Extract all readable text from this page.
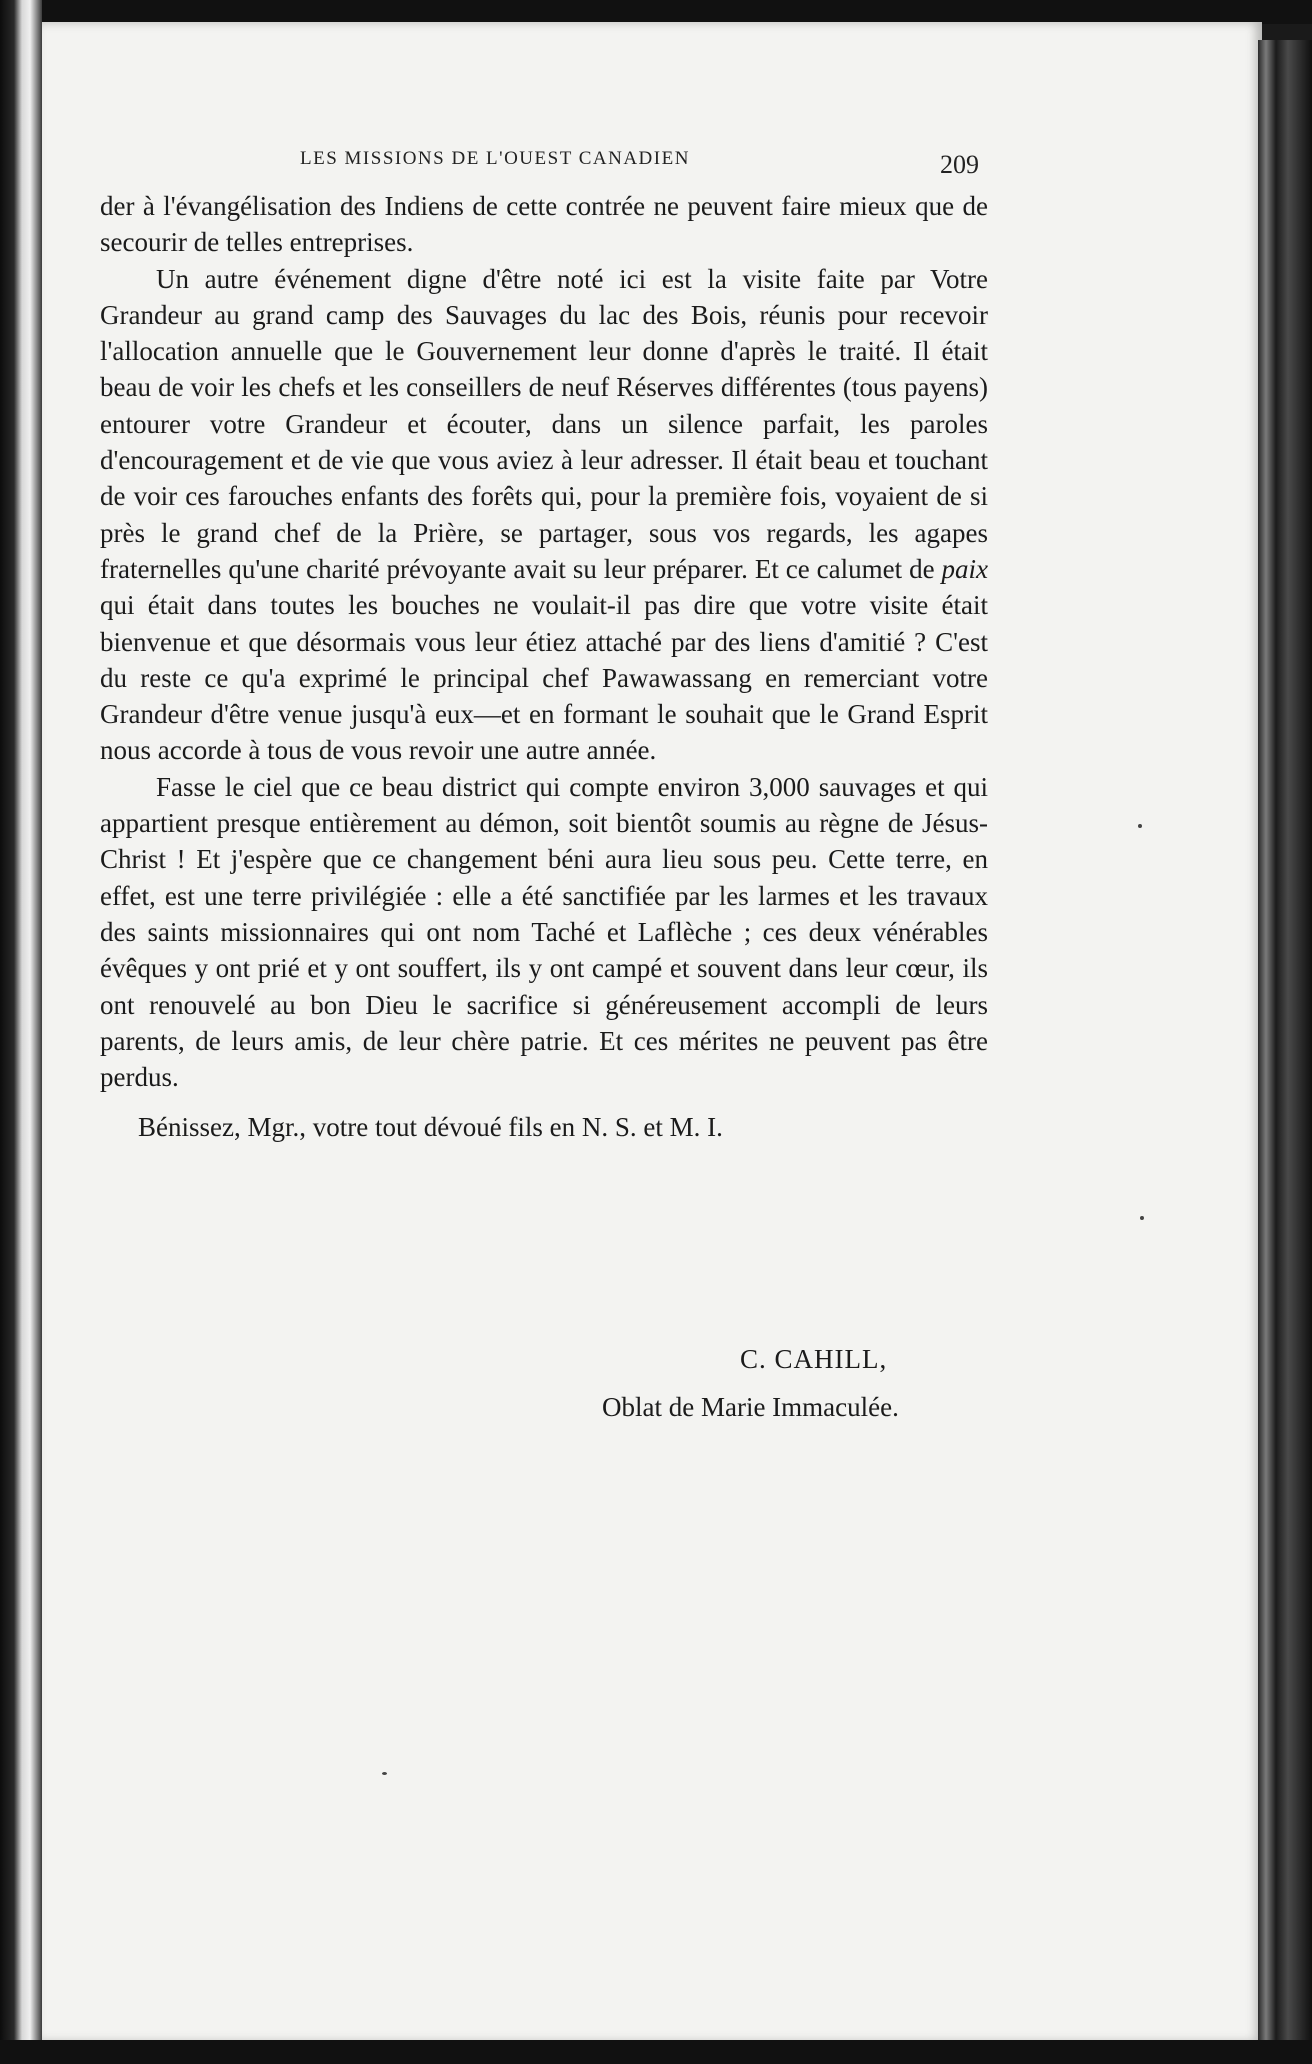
LES MISSIONS DE L'OUEST CANADIEN	209

der à l'évangélisation des Indiens de cette contrée ne peuvent faire mieux que de secourir de telles entreprises.

Un autre événement digne d'être noté ici est la visite faite par Votre Grandeur au grand camp des Sauvages du lac des Bois, réunis pour recevoir l'allocation annuelle que le Gouvernement leur donne d'après le traité. Il était beau de voir les chefs et les conseillers de neuf Réserves différentes (tous payens) entourer votre Grandeur et écouter, dans un silence parfait, les paroles d'encouragement et de vie que vous aviez à leur adresser. Il était beau et touchant de voir ces farouches enfants des forêts qui, pour la première fois, voyaient de si près le grand chef de la Prière, se partager, sous vos regards, les agapes fraternelles qu'une charité prévoyante avait su leur préparer. Et ce calumet de paix qui était dans toutes les bouches ne voulait-il pas dire que votre visite était bienvenue et que désormais vous leur étiez attaché par des liens d'amitié ? C'est du reste ce qu'a exprimé le principal chef Pawawassang en remerciant votre Grandeur d'être venue jusqu'à eux—et en formant le souhait que le Grand Esprit nous accorde à tous de vous revoir une autre année.

Fasse le ciel que ce beau district qui compte environ 3,000 sauvages et qui appartient presque entièrement au démon, soit bientôt soumis au règne de Jésus-Christ ! Et j'espère que ce changement béni aura lieu sous peu. Cette terre, en effet, est une terre privilégiée : elle a été sanctifiée par les larmes et les travaux des saints missionnaires qui ont nom Taché et Laflèche ; ces deux vénérables évêques y ont prié et y ont souffert, ils y ont campé et souvent dans leur cœur, ils ont renouvelé au bon Dieu le sacrifice si généreusement accompli de leurs parents, de leurs amis, de leur chère patrie. Et ces mérites ne peuvent pas être perdus.

Bénissez, Mgr., votre tout dévoué fils en N. S. et M. I.

C. CAHILL,
Oblat de Marie Immaculée.
